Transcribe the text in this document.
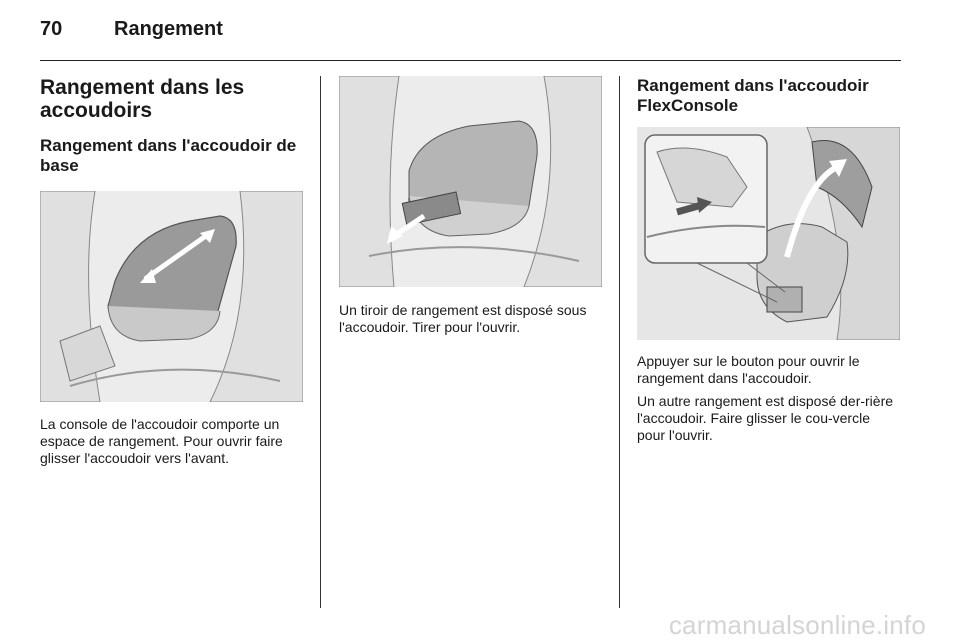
70	Rangement
Rangement dans les accoudoirs
Rangement dans l'accoudoir de base

La console de l'accoudoir comporte un espace de rangement. Pour ouvrir faire glisser l'accoudoir vers l'avant.

Un tiroir de rangement est disposé sous l'accoudoir. Tirer pour l'ouvrir.

Rangement dans l'accoudoir FlexConsole

Appuyer sur le bouton pour ouvrir le rangement dans l'accoudoir.

Un autre rangement est disposé der-rière l'accoudoir. Faire glisser le cou-vercle pour l'ouvrir.

carmanualsonline.info
